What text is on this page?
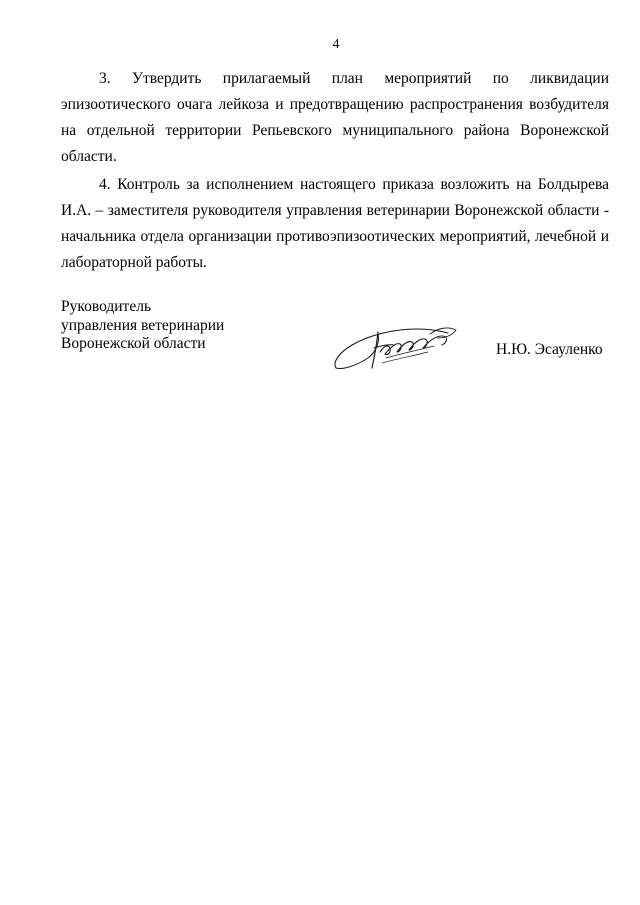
4

3. Утвердить прилагаемый план мероприятий по ликвидации эпизоотического очага лейкоза и предотвращению распространения возбудителя на отдельной территории Репьевского муниципального района Воронежской области.

4. Контроль за исполнением настоящего приказа возложить на Болдырева И.А. – заместителя руководителя управления ветеринарии Воронежской области - начальника отдела организации противоэпизоотических мероприятий, лечебной и лабораторной работы.

Руководитель
управления ветеринарии
Воронежской области	Н.Ю. Эсауленко
